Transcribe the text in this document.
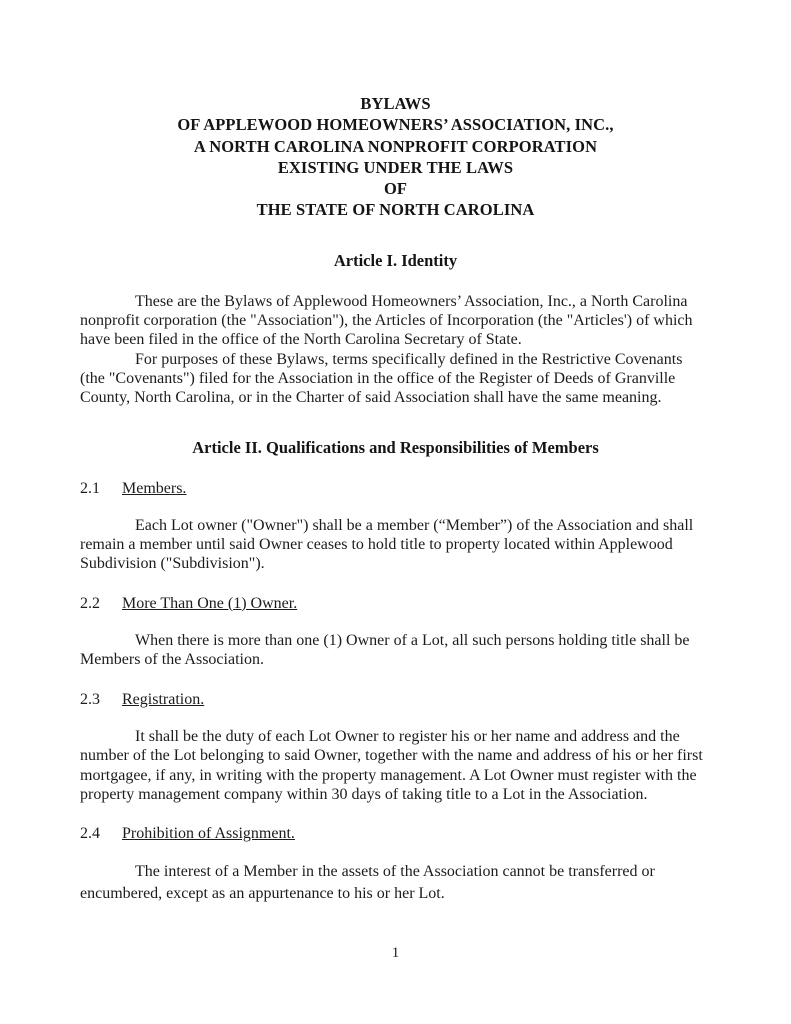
BYLAWS
OF APPLEWOOD HOMEOWNERS’ ASSOCIATION, INC.,
A NORTH CAROLINA NONPROFIT CORPORATION
EXISTING UNDER THE LAWS
OF
THE STATE OF NORTH CAROLINA
Article I. Identity

These are the Bylaws of Applewood Homeowners’ Association, Inc., a North Carolina nonprofit corporation (the "Association"), the Articles of Incorporation (the "Articles') of which have been filed in the office of the North Carolina Secretary of State.

For purposes of these Bylaws, terms specifically defined in the Restrictive Covenants (the "Covenants") filed for the Association in the office of the Register of Deeds of Granville County, North Carolina, or in the Charter of said Association shall have the same meaning.

Article II. Qualifications and Responsibilities of Members
2.1 Members.

Each Lot owner ("Owner") shall be a member (“Member”) of the Association and shall remain a member until said Owner ceases to hold title to property located within Applewood Subdivision ("Subdivision").

2.2 More Than One (1) Owner.

When there is more than one (1) Owner of a Lot, all such persons holding title shall be Members of the Association.

2.3 Registration.

It shall be the duty of each Lot Owner to register his or her name and address and the number of the Lot belonging to said Owner, together with the name and address of his or her first mortgagee, if any, in writing with the property management. A Lot Owner must register with the property management company within 30 days of taking title to a Lot in the Association.

2.4 Prohibition of Assignment.

The interest of a Member in the assets of the Association cannot be transferred or encumbered, except as an appurtenance to his or her Lot.

1
